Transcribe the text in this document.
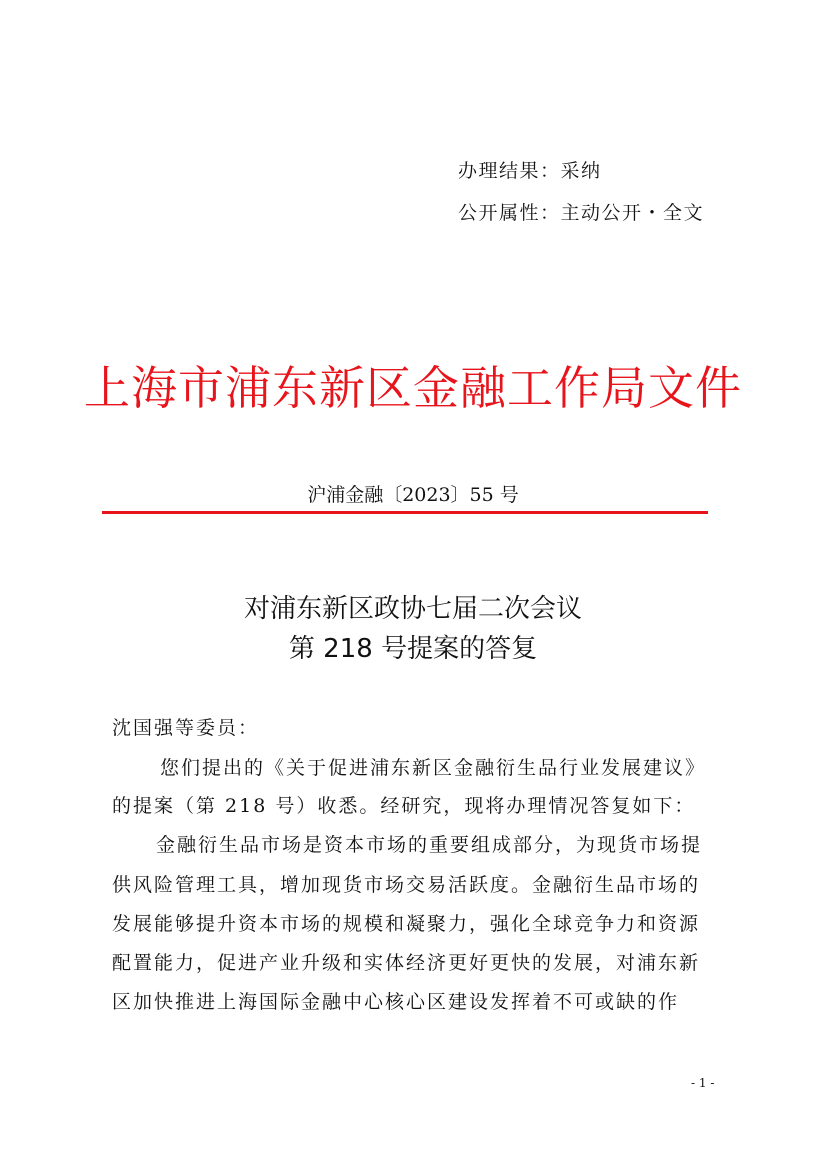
办理结果：采纳
公开属性：主动公开・全文
上海市浦东新区金融工作局文件
沪浦金融〔2023〕55 号
对浦东新区政协七届二次会议
第 218 号提案的答复
沈国强等委员：
您们提出的《关于促进浦东新区金融衍生品行业发展建议》
的提案（第 218 号）收悉。经研究，现将办理情况答复如下：
金融衍生品市场是资本市场的重要组成部分，为现货市场提
供风险管理工具，增加现货市场交易活跃度。金融衍生品市场的
发展能够提升资本市场的规模和凝聚力，强化全球竞争力和资源
配置能力，促进产业升级和实体经济更好更快的发展，对浦东新
区加快推进上海国际金融中心核心区建设发挥着不可或缺的作
- 1 -
